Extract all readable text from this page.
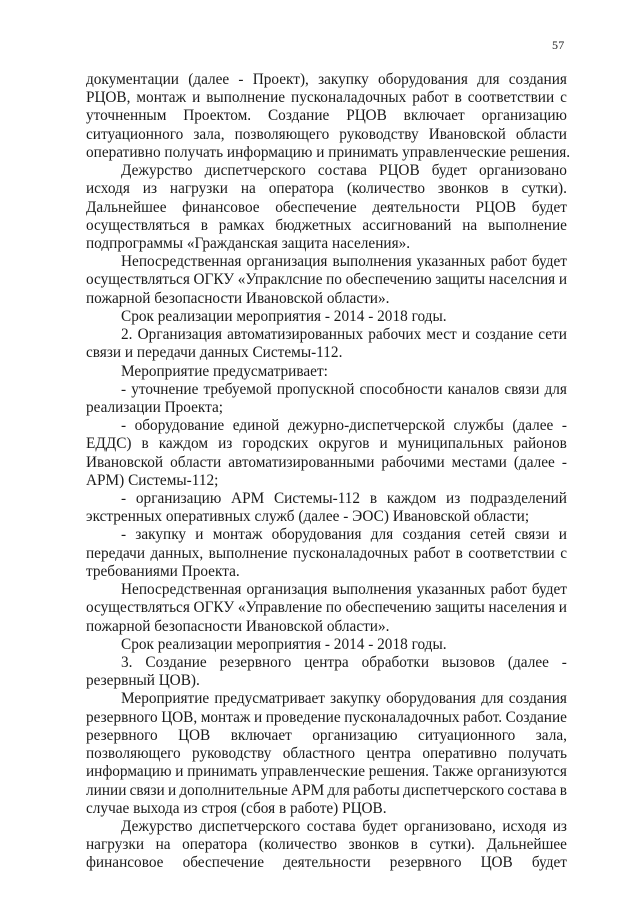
57
документации (далее - Проект), закупку оборудования для создания
РЦОВ, монтаж и выполнение пусконаладочных работ в соответствии с
уточненным Проектом. Создание РЦОВ включает организацию
ситуационного зала, позволяющего руководству Ивановской области
оперативно получать информацию и принимать управленческие решения.
Дежурство диспетчерского состава РЦОВ будет организовано
исходя из нагрузки на оператора (количество звонков в сутки).
Дальнейшее финансовое обеспечение деятельности РЦОВ будет
осуществляться в рамках бюджетных ассигнований на выполнение
подпрограммы «Гражданская защита населения».
Непосредственная организация выполнения указанных работ будет
осуществляться ОГКУ «Упраклсние по обеспечению защиты населсния и
пожарной безопасности Ивановской области».
Срок реализации мероприятия - 2014 - 2018 годы.
2. Организация автоматизированных рабочих мест и создание сети
связи и передачи данных Системы-112.
Мероприятие предусматривает:
- уточнение требуемой пропускной способности каналов связи для
реализации Проекта;
- оборудование единой дежурно-диспетчерской службы (далее -
ЕДДС) в каждом из городских округов и муниципальных районов
Ивановской области автоматизированными рабочими местами (далее -
АРМ) Системы-112;
- организацию АРМ Системы-112 в каждом из подразделений
экстренных оперативных служб (далее - ЭОС) Ивановской области;
- закупку и монтаж оборудования для создания сетей связи и
передачи данных, выполнение пусконаладочных работ в соответствии с
требованиями Проекта.
Непосредственная организация выполнения указанных работ будет
осуществляться ОГКУ «Управление по обеспечению защиты населения и
пожарной безопасности Ивановской области».
Срок реализации мероприятия - 2014 - 2018 годы.
3. Создание резервного центра обработки вызовов (далее -
резервный ЦОВ).
Мероприятие предусматривает закупку оборудования для создания
резервного ЦОВ, монтаж и проведение пусконаладочных работ. Создание
резервного ЦОВ включает организацию ситуационного зала,
позволяющего руководству областного центра оперативно получать
информацию и принимать управленческие решения. Также организуются
линии связи и дополнительные АРМ для работы диспетчерского состава в
случае выхода из строя (сбоя в работе) РЦОВ.
Дежурство диспетчерского состава будет организовано, исходя из
нагрузки на оператора (количество звонков в сутки). Дальнейшее
финансовое обеспечение деятельности резервного ЦОВ будет
